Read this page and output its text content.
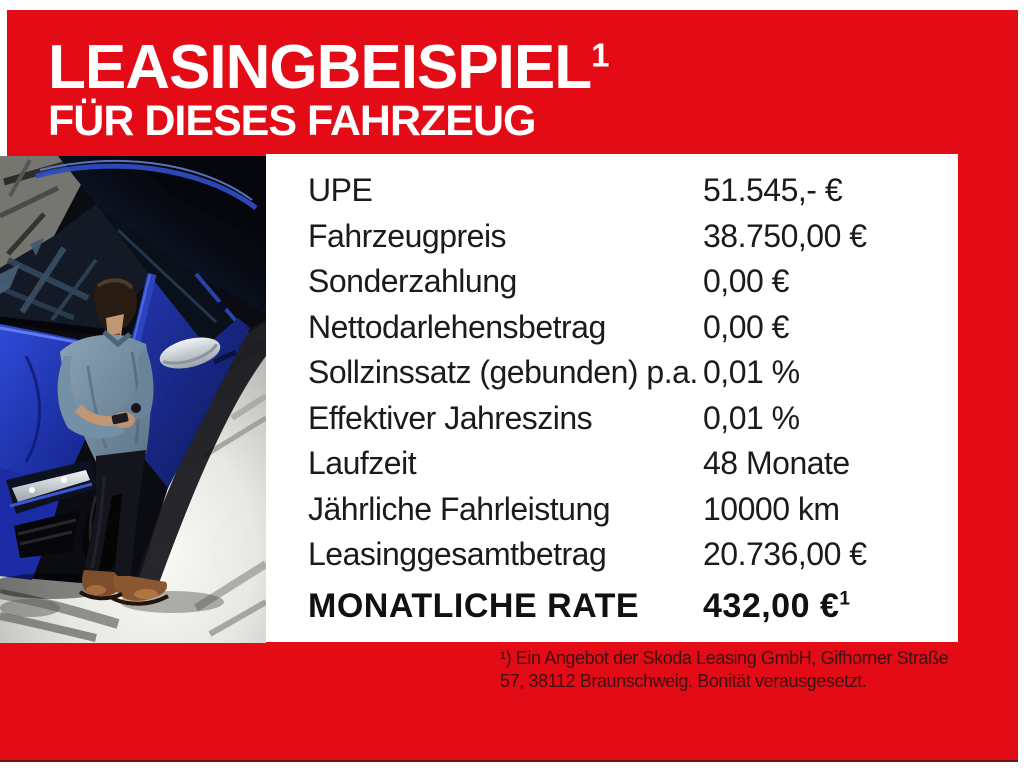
LEASINGBEISPIEL$^1$
FÜR DIESES FAHRZEUG
UPE	51.545,- €
Fahrzeugpreis	38.750,00 €
Sonderzahlung	0,00 €
Nettodarlehensbetrag	0,00 €
Sollzinssatz (gebunden) p.a. 0,01 %
Effektiver Jahreszins	0,01 %
Laufzeit	48 Monate
Jährliche Fahrleistung	10000 km
Leasinggesamtbetrag	20.736,00 €
MONATLICHE RATE	432,00 €$^1$
¹) Ein Angebot der Skoda Leasing GmbH, Gifhorner Straße
57, 38112 Braunschweig. Bonität verausgesetzt.
